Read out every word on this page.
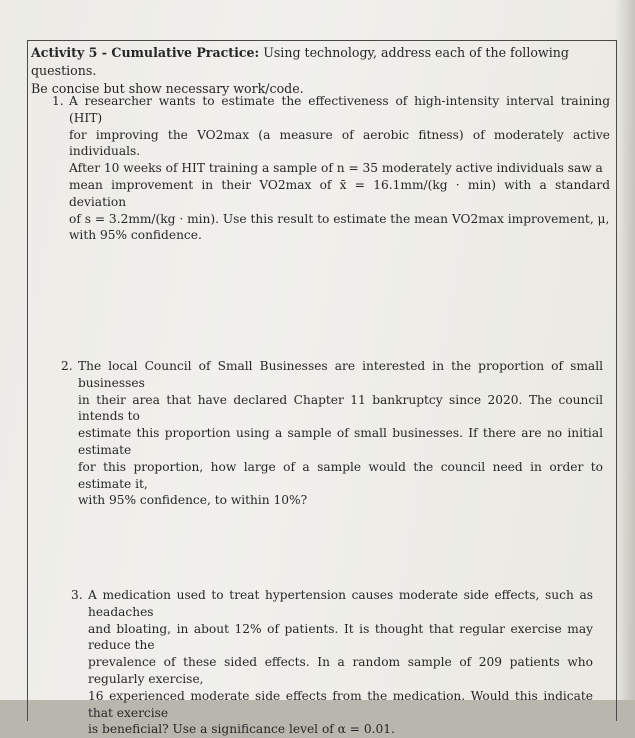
Activity 5 - Cumulative Practice: Using technology, address each of the following questions.
Be concise but show necessary work/code.
1. A researcher wants to estimate the effectiveness of high-intensity interval training (HIT)
for improving the VO2max (a measure of aerobic fitness) of moderately active individuals.
After 10 weeks of HIT training a sample of n = 35 moderately active individuals saw a
mean improvement in their VO2max of x̄ = 16.1mm/(kg · min) with a standard deviation
of s = 3.2mm/(kg · min). Use this result to estimate the mean VO2max improvement, μ,
with 95% confidence.
2. The local Council of Small Businesses are interested in the proportion of small businesses
in their area that have declared Chapter 11 bankruptcy since 2020. The council intends to
estimate this proportion using a sample of small businesses. If there are no initial estimate
for this proportion, how large of a sample would the council need in order to estimate it,
with 95% confidence, to within 10%?
3. A medication used to treat hypertension causes moderate side effects, such as headaches
and bloating, in about 12% of patients. It is thought that regular exercise may reduce the
prevalence of these sided effects. In a random sample of 209 patients who regularly exercise,
16 experienced moderate side effects from the medication. Would this indicate that exercise
is beneficial? Use a significance level of α = 0.01.
